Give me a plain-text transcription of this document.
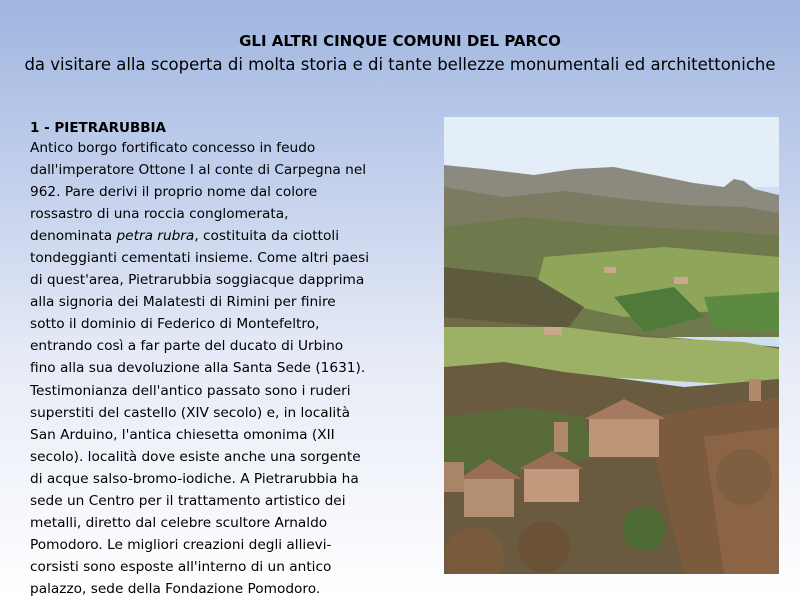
GLI ALTRI CINQUE COMUNI DEL PARCO
da visitare alla scoperta di molta storia e di tante bellezze monumentali ed architettoniche
1 - PIETRARUBBIA
Antico borgo fortificato concesso in feudo
dall'imperatore Ottone I al conte di Carpegna nel
962. Pare derivi il proprio nome dal colore
rossastro di una roccia conglomerata,
denominata petra rubra, costituita da ciottoli
tondeggianti cementati insieme. Come altri paesi
di quest'area, Pietrarubbia soggiacque dapprima
alla signoria dei Malatesti di Rimini per finire
sotto il dominio di Federico di Montefeltro,
entrando così a far parte del ducato di Urbino
fino alla sua devoluzione alla Santa Sede (1631).
Testimonianza dell'antico passato sono i ruderi
superstiti del castello (XIV secolo) e, in località
San Arduino, l'antica chiesetta omonima (XII
secolo). località dove esiste anche una sorgente
di acque salso-bromo-iodiche. A Pietrarubbia ha
sede un Centro per il trattamento artistico dei
metalli, diretto dal celebre scultore Arnaldo
Pomodoro. Le migliori creazioni degli allievi-
corsisti sono esposte all'interno di un antico
palazzo, sede della Fondazione Pomodoro.
